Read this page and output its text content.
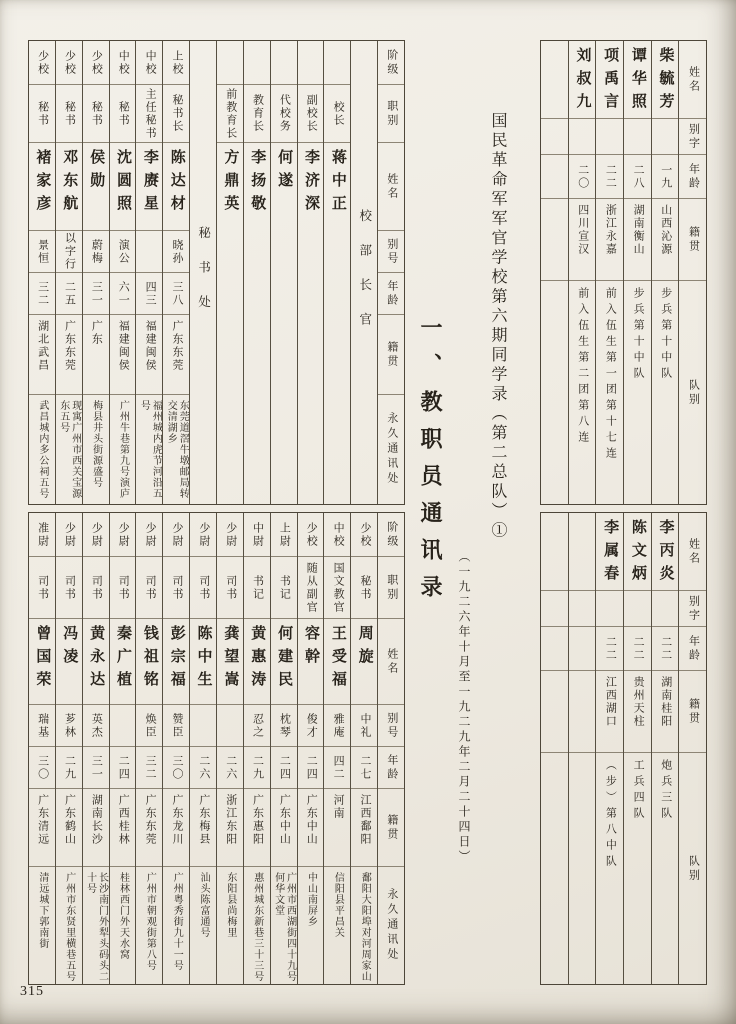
阶级
职别
姓名
别号
年龄
籍贯
永久通讯处
校部长官
校长
蒋中正
副校长
李济深
代校务
何遂
教育长
李扬敬
前教育长
方鼎英
秘书处
上校
秘书长
陈达材
晓孙
三八
广东东莞
东莞道滘牛墩邮局转交清湖乡
中校
主任秘书
李赓星
四三
福建闽侯
福州城内虎节河沿五号
中校
秘书
沈圆照
演公
六一
福建闽侯
广州牛巷第九号演庐
少校
秘书
侯勋
蔚梅
三一
广东
梅县井头街源盛号
少校
秘书
邓东航
以字行
二五
广东东莞
现寓广州市西关宝源东五号
少校
秘书
褚家彦
景恒
三二
湖北武昌
武昌城内多公祠五号
阶级
职别
姓名
别号
年龄
籍贯
永久通讯处
少校
秘书
周旋
中礼
二七
江西鄱阳
鄱阳大阳埠对河周家山
中校
国文教官
王受福
雅庵
四二
河南
信阳县平昌关
少校
随从副官
容幹
俊才
二四
广东中山
中山南屏乡
上尉
书记
何建民
枕琴
二四
广东中山
广州市西湖街四十九号何华文堂
中尉
书记
黄惠涛
忍之
二九
广东惠阳
惠州城东新巷三十三号
少尉
司书
龚望嵩
二六
浙江东阳
东阳县尚梅里
少尉
司书
陈中生
二六
广东梅县
汕头陈富通号
少尉
司书
彭宗福
赞臣
三〇
广东龙川
广州粤秀街九十一号
少尉
司书
钱祖铭
焕臣
三二
广东东莞
广州市朝观街第八号
少尉
司书
秦广植
二四
广西桂林
桂林西门外天水窝
少尉
司书
黄永达
英杰
三一
湖南长沙
长沙南门外犁头码头二十号
少尉
司书
冯凌
芗林
二九
广东鹤山
广州市东贤里横巷五号
准尉
司书
曾国荣
瑞基
三〇
广东清远
清远城下郭南街
姓名
别字
年龄
籍贯
队别
柴毓芳
一九
山西沁源
步兵第十中队
谭华照
二八
湖南衡山
步兵第十中队
项禹言
二二
浙江永嘉
前入伍生第一团第十七连
刘叔九
二〇
四川宣汉
前入伍生第二团第八连
姓名
别字
年龄
籍贯
队别
李丙炎
二二
湖南桂阳
炮兵三队
陈文炳
二二
贵州天柱
工兵四队
李属春
二二
江西湖口
（步）第八中队
国民革命军军官学校第六期同学录（第二总队）①
（一九二六年十月至一九二九年二月二十四日）
一、教职员通讯录
315
